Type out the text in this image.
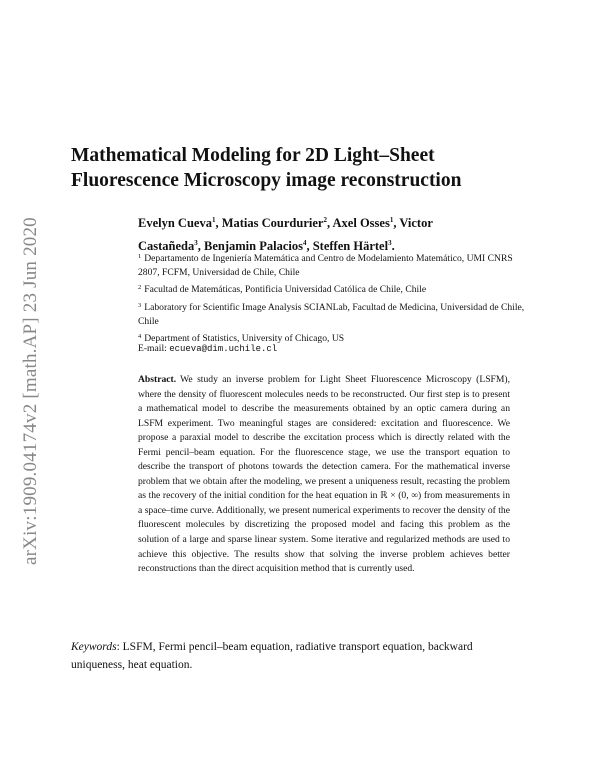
arXiv:1909.04174v2 [math.AP] 23 Jun 2020
Mathematical Modeling for 2D Light–Sheet Fluorescence Microscopy image reconstruction
Evelyn Cueva$^1$, Matias Courdurier$^2$, Axel Osses$^1$, Victor Castañeda$^3$, Benjamin Palacios$^4$, Steffen Härtel$^3$.
$^1$ Departamento de Ingeniería Matemática and Centro de Modelamiento Matemático, UMI CNRS 2807, FCFM, Universidad de Chile, Chile
$^2$ Facultad de Matemáticas, Pontificia Universidad Católica de Chile, Chile
$^3$ Laboratory for Scientific Image Analysis SCIANLab, Facultad de Medicina, Universidad de Chile, Chile
$^4$ Department of Statistics, University of Chicago, US
E-mail: ecueva@dim.uchile.cl

Abstract. We study an inverse problem for Light Sheet Fluorescence Microscopy (LSFM), where the density of fluorescent molecules needs to be reconstructed. Our first step is to present a mathematical model to describe the measurements obtained by an optic camera during an LSFM experiment. Two meaningful stages are considered: excitation and fluorescence. We propose a paraxial model to describe the excitation process which is directly related with the Fermi pencil–beam equation. For the fluorescence stage, we use the transport equation to describe the transport of photons towards the detection camera. For the mathematical inverse problem that we obtain after the modeling, we present a uniqueness result, recasting the problem as the recovery of the initial condition for the heat equation in ℝ × (0, ∞) from measurements in a space–time curve. Additionally, we present numerical experiments to recover the density of the fluorescent molecules by discretizing the proposed model and facing this problem as the solution of a large and sparse linear system. Some iterative and regularized methods are used to achieve this objective. The results show that solving the inverse problem achieves better reconstructions than the direct acquisition method that is currently used.

Keywords: LSFM, Fermi pencil–beam equation, radiative transport equation, backward uniqueness, heat equation.
